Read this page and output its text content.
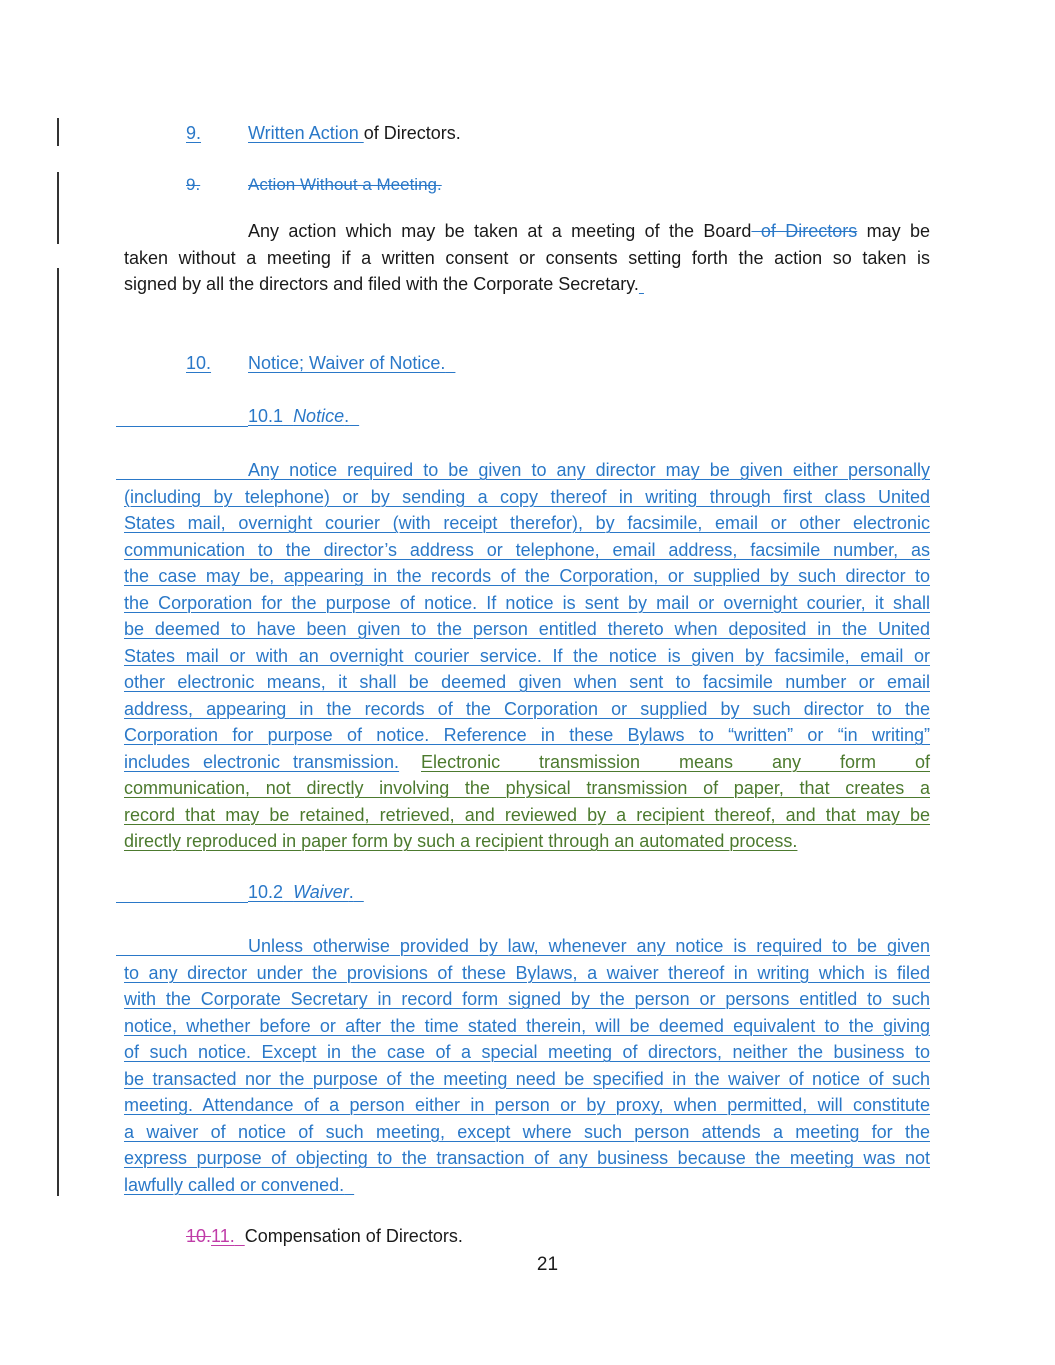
9.	Written Action of Directors.
9.	Action Without a Meeting.
Any action which may be taken at a meeting of the Board of Directors may be
taken without a meeting if a written consent or consents setting forth the action so taken is
signed by all the directors and filed with the Corporate Secretary.
10. Notice; Waiver of Notice.
10.1 Notice.
Any notice required to be given to any director may be given either personally
(including by telephone) or by sending a copy thereof in writing through first class United
States mail, overnight courier (with receipt therefor), by facsimile, email or other electronic
communication to the director’s address or telephone, email address, facsimile number, as
the case may be, appearing in the records of the Corporation, or supplied by such director to
the Corporation for the purpose of notice. If notice is sent by mail or overnight courier, it shall
be deemed to have been given to the person entitled thereto when deposited in the United
States mail or with an overnight courier service. If the notice is given by facsimile, email or
other electronic means, it shall be deemed given when sent to facsimile number or email
address, appearing in the records of the Corporation or supplied by such director to the
Corporation for purpose of notice. Reference in these Bylaws to “written” or “in writing”
includes electronic transmission. Electronic transmission means any form of
communication, not directly involving the physical transmission of paper, that creates a
record that may be retained, retrieved, and reviewed by a recipient thereof, and that may be
directly reproduced in paper form by such a recipient through an automated process.
10.2 Waiver.
Unless otherwise provided by law, whenever any notice is required to be given
to any director under the provisions of these Bylaws, a waiver thereof in writing which is filed
with the Corporate Secretary in record form signed by the person or persons entitled to such
notice, whether before or after the time stated therein, will be deemed equivalent to the giving
of such notice. Except in the case of a special meeting of directors, neither the business to
be transacted nor the purpose of the meeting need be specified in the waiver of notice of such
meeting. Attendance of a person either in person or by proxy, when permitted, will constitute
a waiver of notice of such meeting, except where such person attends a meeting for the
express purpose of objecting to the transaction of any business because the meeting was not
lawfully called or convened.
10.11. Compensation of Directors.
21
